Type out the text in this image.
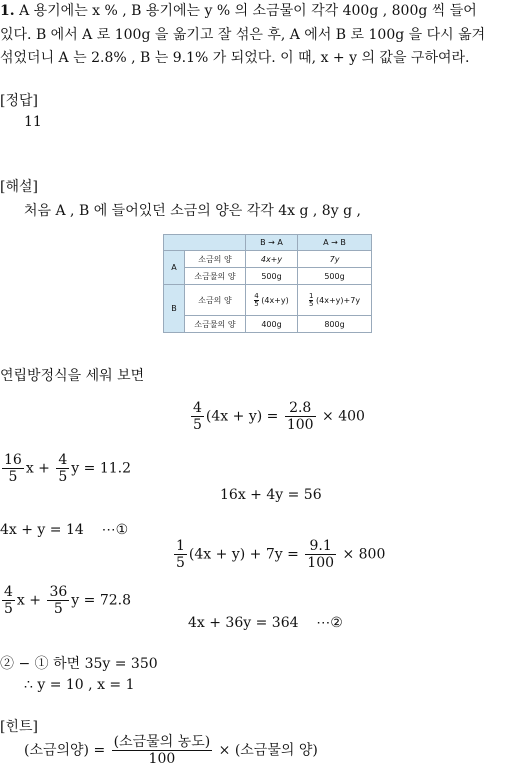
1. A 용기에는 x % , B 용기에는 y % 의 소금물이 각각 400g , 800g 씩 들어
있다. B 에서 A 로 100g 을 옮기고 잘 섞은 후, A 에서 B 로 100g 을 다시 옮겨
섞었더니 A 는 2.8% , B 는 9.1% 가 되었다. 이 때, x + y 의 값을 구하여라.
[정답]
11
[해설]
처음 A , B 에 들어있던 소금의 양은 각각 4x g , 8y g ,
		B → A	A → B
A	소금의 양	4x+y	7y
	소금물의 양	500g	500g
B	소금의 양	$\frac{4}{5} (4x+y)$	$\frac{1}{5} (4x+y)+7y$
	소금물의 양	400g	800g
연립방정식을 세워 보면
$\frac{4}{5} (4x + y) = \frac{2.8}{100} \times 400$
$\frac{16}{5}$ $x + \frac{4}{5}$ y = 11.2
16x + 4y = 56
4x + y = 14    ⋯①
$\frac{1}{5} (4x + y) + 7y = \frac{9.1}{100} \times 800$
$\frac{4}{5}$ $x + \frac{36}{5}$ y = 72.8
4x + 36y = 364    ⋯②
② − ① 하면 35y = 350
∴ y = 10 , x = 1
[힌트]
(소금의양) = $\frac{\text{(소금물의 농도)}}{100}$ × (소금물의 양)
